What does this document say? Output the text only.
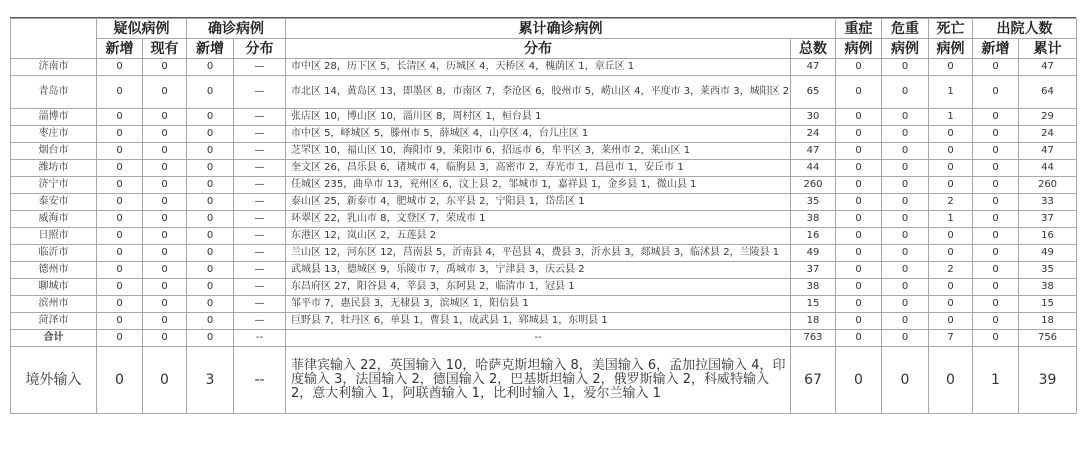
	疑似病例		确诊病例		累计确诊病例		重症	危重	死亡	出院人数	
	新增	现有	新增	分布	分布	总数	病例	病例	病例	新增	累计
济南市	0	0	0	—	市中区 28，历下区 5，长清区 4，历城区 4，天桥区 4，槐荫区 1，章丘区 1	47	0	0	0	0	47
青岛市	0	0	0	—	市北区 14，黄岛区 13，即墨区 8，市南区 7，李沧区 6，胶州市 5，崂山区 4，平度市 3，莱西市 3，城阳区 2	65	0	0	1	0	64
淄博市	0	0	0	—	张店区 10，博山区 10，淄川区 8，周村区 1，桓台县 1	30	0	0	1	0	29
枣庄市	0	0	0	—	市中区 5，峄城区 5，滕州市 5，薛城区 4，山亭区 4，台儿庄区 1	24	0	0	0	0	24
烟台市	0	0	0	—	芝罘区 10，福山区 10，海阳市 9，莱阳市 6，招远市 6，牟平区 3，莱州市 2，莱山区 1	47	0	0	0	0	47
潍坊市	0	0	0	—	奎文区 26，昌乐县 6，诸城市 4，临朐县 3，高密市 2，寿光市 1，昌邑市 1，安丘市 1	44	0	0	0	0	44
济宁市	0	0	0	—	任城区 235，曲阜市 13，兖州区 6，汶上县 2，邹城市 1，嘉祥县 1，金乡县 1，微山县 1	260	0	0	0	0	260
泰安市	0	0	0	—	泰山区 25，新泰市 4，肥城市 2，东平县 2，宁阳县 1，岱岳区 1	35	0	0	2	0	33
威海市	0	0	0	—	环翠区 22，乳山市 8，文登区 7，荣成市 1	38	0	0	1	0	37
日照市	0	0	0	—	东港区 12，岚山区 2，五莲县 2	16	0	0	0	0	16
临沂市	0	0	0	—	兰山区 12，河东区 12，莒南县 5，沂南县 4，平邑县 4，费县 3，沂水县 3，郯城县 3，临沭县 2，兰陵县 1	49	0	0	0	0	49
德州市	0	0	0	—	武城县 13，德城区 9，乐陵市 7，禹城市 3，宁津县 3，庆云县 2	37	0	0	2	0	35
聊城市	0	0	0	—	东昌府区 27，阳谷县 4，莘县 3，东阿县 2，临清市 1，冠县 1	38	0	0	0	0	38
滨州市	0	0	0	—	邹平市 7，惠民县 3，无棣县 3，滨城区 1，阳信县 1	15	0	0	0	0	15
菏泽市	0	0	0	—	巨野县 7，牡丹区 6，单县 1，曹县 1，成武县 1，郓城县 1，东明县 1	18	0	0	0	0	18
合计	0	0	0	--	--	763	0	0	7	0	756
境外输入	0	0	3	--	菲律宾输入 22，英国输入 10，哈萨克斯坦输入 8，美国输入 6，孟加拉国输入 4，印度输入 3，法国输入 2，德国输入 2，巴基斯坦输入 2，俄罗斯输入 2，科威特输入 2，意大利输入 1，阿联酋输入 1，比利时输入 1，爱尔兰输入 1	67	0	0	0	1	39
